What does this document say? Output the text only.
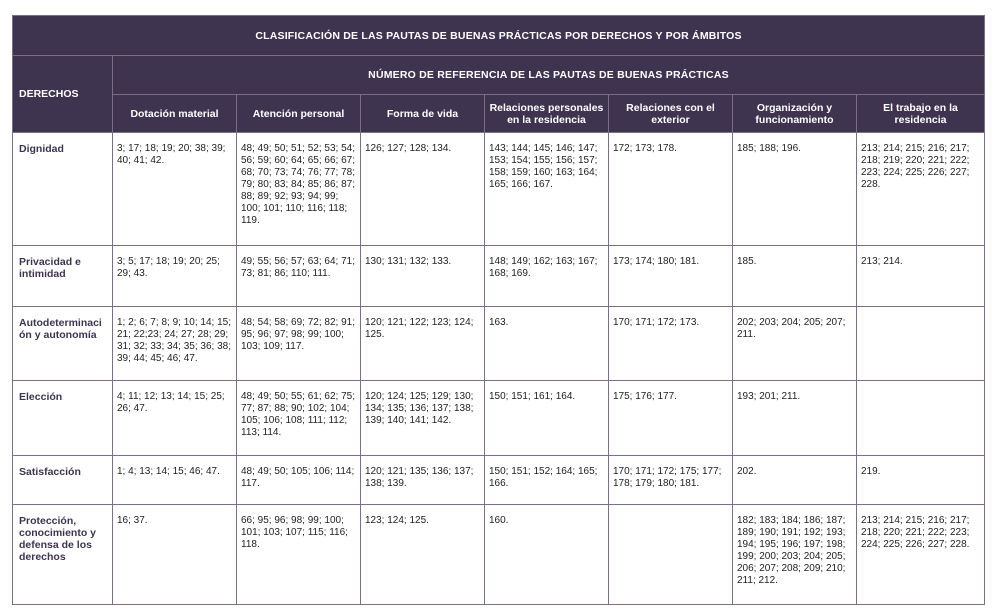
CLASIFICACIÓN DE LAS PAUTAS DE BUENAS PRÁCTICAS POR DERECHOS Y POR ÁMBITOS							
DERECHOS	NÚMERO DE REFERENCIA DE LAS PAUTAS DE BUENAS PRÁCTICAS						
	Dotación material	Atención personal	Forma de vida	Relaciones personales en la residencia	Relaciones con el exterior	Organización y funcionamiento	El trabajo en la residencia
Dignidad	3; 17; 18; 19; 20; 38; 39; 40; 41; 42.	48; 49; 50; 51; 52; 53; 54; 56; 59; 60; 64; 65; 66; 67; 68; 70; 73; 74; 76; 77; 78; 79; 80; 83; 84; 85; 86; 87; 88; 89; 92; 93; 94; 99; 100; 101; 110; 116; 118; 119.	126; 127; 128; 134.	143; 144; 145; 146; 147; 153; 154; 155; 156; 157; 158; 159; 160; 163; 164; 165; 166; 167.	172; 173; 178.	185; 188; 196.	213; 214; 215; 216; 217; 218; 219; 220; 221; 222; 223; 224; 225; 226; 227; 228.
Privacidad e intimidad	3; 5; 17; 18; 19; 20; 25; 29; 43.	49; 55; 56; 57; 63; 64; 71; 73; 81; 86; 110; 111.	130; 131; 132; 133.	148; 149; 162; 163; 167; 168; 169.	173; 174; 180; 181.	185.	213; 214.
Autodeterminación y autonomía	1; 2; 6; 7; 8; 9; 10; 14; 15; 21; 22;23; 24; 27; 28; 29; 31; 32; 33; 34; 35; 36; 38; 39; 44; 45; 46; 47.	48; 54; 58; 69; 72; 82; 91; 95; 96; 97; 98; 99; 100; 103; 109; 117.	120; 121; 122; 123; 124; 125.	163.	170; 171; 172; 173.	202; 203; 204; 205; 207; 211.	
Elección	4; 11; 12; 13; 14; 15; 25; 26; 47.	48; 49; 50; 55; 61; 62; 75; 77; 87; 88; 90; 102; 104; 105; 106; 108; 111; 112; 113; 114.	120; 124; 125; 129; 130; 134; 135; 136; 137; 138; 139; 140; 141; 142.	150; 151; 161; 164.	175; 176; 177.	193; 201; 211.	
Satisfacción	1; 4; 13; 14; 15; 46; 47.	48; 49; 50; 105; 106; 114; 117.	120; 121; 135; 136; 137; 138; 139.	150; 151; 152; 164; 165; 166.	170; 171; 172; 175; 177; 178; 179; 180; 181.	202.	219.
Protección, conocimiento y defensa de los derechos	16; 37.	66; 95; 96; 98; 99; 100; 101; 103; 107; 115; 116; 118.	123; 124; 125.	160.		182; 183; 184; 186; 187; 189; 190; 191; 192; 193; 194; 195; 196; 197; 198; 199; 200; 203; 204; 205; 206; 207; 208; 209; 210; 211; 212.	213; 214; 215; 216; 217; 218; 220; 221; 222; 223; 224; 225; 226; 227; 228.
